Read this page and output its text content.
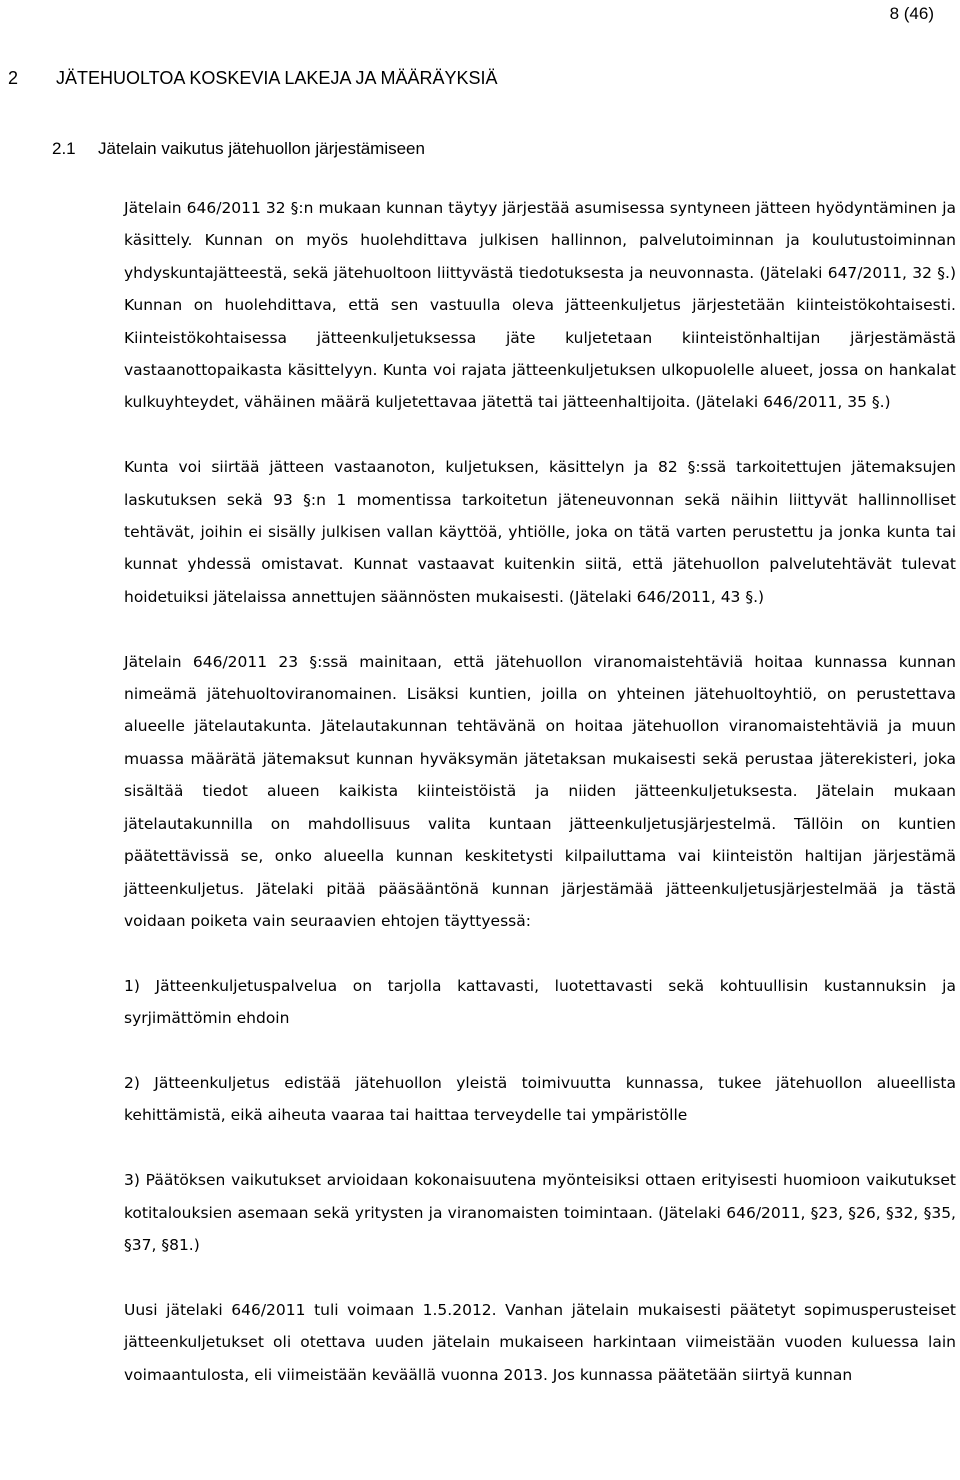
8 (46)
2 JÄTEHUOLTOA KOSKEVIA LAKEJA JA MÄÄRÄYKSIÄ
2.1 Jätelain vaikutus jätehuollon järjestämiseen

Jätelain 646/2011 32 §:n mukaan kunnan täytyy järjestää asumisessa syntyneen jätteen hyödyntäminen ja käsittely. Kunnan on myös huolehdittava julkisen hallinnon, palvelutoiminnan ja koulutustoiminnan yhdyskuntajätteestä, sekä jätehuoltoon liittyvästä tiedotuksesta ja neuvonnasta. (Jätelaki 647/2011, 32 §.) Kunnan on huolehdittava, että sen vastuulla oleva jätteenkuljetus järjestetään kiinteistökohtaisesti. Kiinteistökohtaisessa jätteenkuljetuksessa jäte kuljetetaan kiinteistönhaltijan järjestämästä vastaanottopaikasta käsittelyyn. Kunta voi rajata jätteenkuljetuksen ulkopuolelle alueet, jossa on hankalat kulkuyhteydet, vähäinen määrä kuljetettavaa jätettä tai jätteenhaltijoita. (Jätelaki 646/2011, 35 §.)

Kunta voi siirtää jätteen vastaanoton, kuljetuksen, käsittelyn ja 82 §:ssä tarkoitettujen jätemaksujen laskutuksen sekä 93 §:n 1 momentissa tarkoitetun jäteneuvonnan sekä näihin liittyvät hallinnolliset tehtävät, joihin ei sisälly julkisen vallan käyttöä, yhtiölle, joka on tätä varten perustettu ja jonka kunta tai kunnat yhdessä omistavat. Kunnat vastaavat kuitenkin siitä, että jätehuollon palvelutehtävät tulevat hoidetuiksi jätelaissa annettujen säännösten mukaisesti. (Jätelaki 646/2011, 43 §.)

Jätelain 646/2011 23 §:ssä mainitaan, että jätehuollon viranomaistehtäviä hoitaa kunnassa kunnan nimeämä jätehuoltoviranomainen. Lisäksi kuntien, joilla on yhteinen jätehuoltoyhtiö, on perustettava alueelle jätelautakunta. Jätelautakunnan tehtävänä on hoitaa jätehuollon viranomaistehtäviä ja muun muassa määrätä jätemaksut kunnan hyväksymän jätetaksan mukaisesti sekä perustaa jäterekisteri, joka sisältää tiedot alueen kaikista kiinteistöistä ja niiden jätteenkuljetuksesta. Jätelain mukaan jätelautakunnilla on mahdollisuus valita kuntaan jätteenkuljetusjärjestelmä. Tällöin on kuntien päätettävissä se, onko alueella kunnan keskitetysti kilpailuttama vai kiinteistön haltijan järjestämä jätteenkuljetus. Jätelaki pitää pääsääntönä kunnan järjestämää jätteenkuljetusjärjestelmää ja tästä voidaan poiketa vain seuraavien ehtojen täyttyessä:

1) Jätteenkuljetuspalvelua on tarjolla kattavasti, luotettavasti sekä kohtuullisin kustannuksin ja syrjimättömin ehdoin

2) Jätteenkuljetus edistää jätehuollon yleistä toimivuutta kunnassa, tukee jätehuollon alueellista kehittämistä, eikä aiheuta vaaraa tai haittaa terveydelle tai ympäristölle

3) Päätöksen vaikutukset arvioidaan kokonaisuutena myönteisiksi ottaen erityisesti huomioon vaikutukset kotitalouksien asemaan sekä yritysten ja viranomaisten toimintaan. (Jätelaki 646/2011, §23, §26, §32, §35, §37, §81.)

Uusi jätelaki 646/2011 tuli voimaan 1.5.2012. Vanhan jätelain mukaisesti päätetyt sopimusperusteiset jätteenkuljetukset oli otettava uuden jätelain mukaiseen harkintaan viimeistään vuoden kuluessa lain voimaantulosta, eli viimeistään keväällä vuonna 2013. Jos kunnassa päätetään siirtyä kunnan
